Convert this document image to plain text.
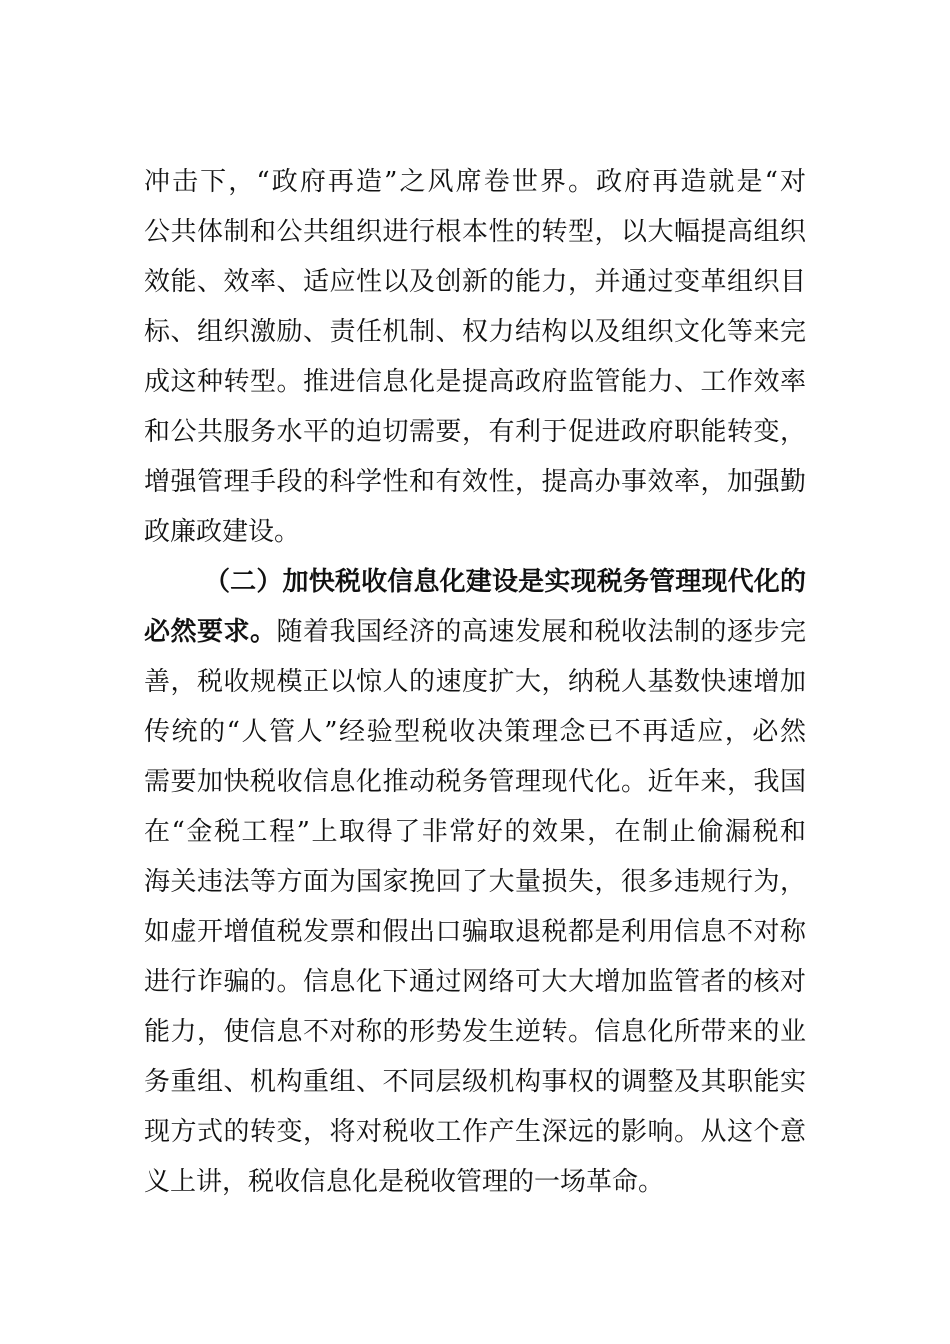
冲击下，“政府再造”之风席卷世界。政府再造就是“对
公共体制和公共组织进行根本性的转型，以大幅提高组织
效能、效率、适应性以及创新的能力，并通过变革组织目
标、组织激励、责任机制、权力结构以及组织文化等来完
成这种转型。推进信息化是提高政府监管能力、工作效率
和公共服务水平的迫切需要，有利于促进政府职能转变，
增强管理手段的科学性和有效性，提高办事效率，加强勤
政廉政建设。
（二）加快税收信息化建设是实现税务管理现代化的
必然要求。随着我国经济的高速发展和税收法制的逐步完
善，税收规模正以惊人的速度扩大，纳税人基数快速增加
传统的“人管人”经验型税收决策理念已不再适应，必然
需要加快税收信息化推动税务管理现代化。近年来，我国
在“金税工程”上取得了非常好的效果，在制止偷漏税和
海关违法等方面为国家挽回了大量损失，很多违规行为，
如虚开增值税发票和假出口骗取退税都是利用信息不对称
进行诈骗的。信息化下通过网络可大大增加监管者的核对
能力，使信息不对称的形势发生逆转。信息化所带来的业
务重组、机构重组、不同层级机构事权的调整及其职能实
现方式的转变，将对税收工作产生深远的影响。从这个意
义上讲，税收信息化是税收管理的一场革命。
